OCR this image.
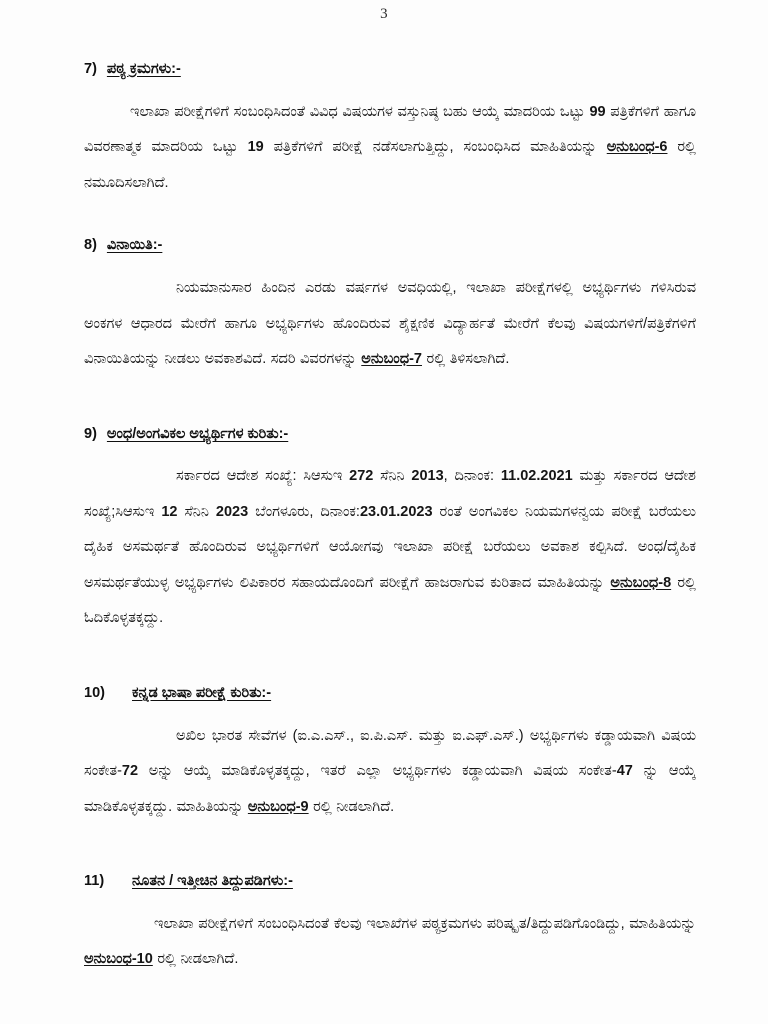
3
7) ಪಠ್ಯ ಕ್ರಮಗಳು:-

ಇಲಾಖಾ ಪರೀಕ್ಷೆಗಳಿಗೆ ಸಂಬಂಧಿಸಿದಂತೆ ವಿವಿಧ ವಿಷಯಗಳ ವಸ್ತುನಿಷ್ಠ ಬಹು ಆಯ್ಕೆ ಮಾದರಿಯ ಒಟ್ಟು 99 ಪತ್ರಿಕೆಗಳಿಗೆ ಹಾಗೂ ವಿವರಣಾತ್ಮಕ ಮಾದರಿಯ ಒಟ್ಟು 19 ಪತ್ರಿಕೆಗಳಿಗೆ ಪರೀಕ್ಷೆ ನಡೆಸಲಾಗುತ್ತಿದ್ದು, ಸಂಬಂಧಿಸಿದ ಮಾಹಿತಿಯನ್ನು ಅನುಬಂಧ-6 ರಲ್ಲಿ ನಮೂದಿಸಲಾಗಿದೆ.

8) ವಿನಾಯಿತಿ:-

ನಿಯಮಾನುಸಾರ ಹಿಂದಿನ ಎರಡು ವರ್ಷಗಳ ಅವಧಿಯಲ್ಲಿ, ಇಲಾಖಾ ಪರೀಕ್ಷೆಗಳಲ್ಲಿ ಅಭ್ಯರ್ಥಿಗಳು ಗಳಿಸಿರುವ ಅಂಕಗಳ ಆಧಾರದ ಮೇರೆಗೆ ಹಾಗೂ ಅಭ್ಯರ್ಥಿಗಳು ಹೊಂದಿರುವ ಶೈಕ್ಷಣಿಕ ವಿದ್ಯಾರ್ಹತೆ ಮೇರೆಗೆ ಕೆಲವು ವಿಷಯಗಳಿಗೆ/ಪತ್ರಿಕೆಗಳಿಗೆ ವಿನಾಯಿತಿಯನ್ನು ನೀಡಲು ಅವಕಾಶವಿದೆ. ಸದರಿ ವಿವರಗಳನ್ನು ಅನುಬಂಧ-7 ರಲ್ಲಿ ತಿಳಿಸಲಾಗಿದೆ.

9) ಅಂಧ/ಅಂಗವಿಕಲ ಅಭ್ಯರ್ಥಿಗಳ ಕುರಿತು:-

ಸರ್ಕಾರದ ಆದೇಶ ಸಂಖ್ಯೆ: ಸಿಆಸುಇ 272 ಸೆನಿನಿ 2013, ದಿನಾಂಕ: 11.02.2021 ಮತ್ತು ಸರ್ಕಾರದ ಆದೇಶ ಸಂಖ್ಯೆ;ಸಿಆಸುಇ 12 ಸೆನಿನಿ 2023 ಬೆಂಗಳೂರು, ದಿನಾಂಕ:23.01.2023 ರಂತೆ ಅಂಗವಿಕಲ ನಿಯಮಗಳನ್ವಯ ಪರೀಕ್ಷೆ ಬರೆಯಲು ದೈಹಿಕ ಅಸಮರ್ಥತೆ ಹೊಂದಿರುವ ಅಭ್ಯರ್ಥಿಗಳಿಗೆ ಆಯೋಗವು ಇಲಾಖಾ ಪರೀಕ್ಷೆ ಬರೆಯಲು ಅವಕಾಶ ಕಲ್ಪಿಸಿದೆ. ಅಂಧ/ದೈಹಿಕ ಅಸಮರ್ಥತೆಯುಳ್ಳ ಅಭ್ಯರ್ಥಿಗಳು ಲಿಪಿಕಾರರ ಸಹಾಯದೊಂದಿಗೆ ಪರೀಕ್ಷೆಗೆ ಹಾಜರಾಗುವ ಕುರಿತಾದ ಮಾಹಿತಿಯನ್ನು ಅನುಬಂಧ-8 ರಲ್ಲಿ ಓದಿಕೊಳ್ಳತಕ್ಕದ್ದು.

10)	ಕನ್ನಡ ಭಾಷಾ ಪರೀಕ್ಷೆ ಕುರಿತು:-

ಅಖಿಲ ಭಾರತ ಸೇವೆಗಳ (ಐ.ಎ.ಎಸ್., ಐ.ಪಿ.ಎಸ್. ಮತ್ತು ಐ.ಎಫ್.ಎಸ್.) ಅಭ್ಯರ್ಥಿಗಳು ಕಡ್ಡಾಯವಾಗಿ ವಿಷಯ ಸಂಕೇತ-72 ಅನ್ನು ಆಯ್ಕೆ ಮಾಡಿಕೊಳ್ಳತಕ್ಕದ್ದು, ಇತರೆ ಎಲ್ಲಾ ಅಭ್ಯರ್ಥಿಗಳು ಕಡ್ಡಾಯವಾಗಿ ವಿಷಯ ಸಂಕೇತ-47 ನ್ನು ಆಯ್ಕೆ ಮಾಡಿಕೊಳ್ಳತಕ್ಕದ್ದು. ಮಾಹಿತಿಯನ್ನು ಅನುಬಂಧ-9 ರಲ್ಲಿ ನೀಡಲಾಗಿದೆ.

11)	ನೂತನ / ಇತ್ತೀಚಿನ ತಿದ್ದುಪಡಿಗಳು:-

ಇಲಾಖಾ ಪರೀಕ್ಷೆಗಳಿಗೆ ಸಂಬಂಧಿಸಿದಂತೆ ಕೆಲವು ಇಲಾಖೆಗಳ ಪಠ್ಯಕ್ರಮಗಳು ಪರಿಷ್ಕೃತ/ತಿದ್ದುಪಡಿಗೊಂಡಿದ್ದು, ಮಾಹಿತಿಯನ್ನು ಅನುಬಂಧ-10 ರಲ್ಲಿ ನೀಡಲಾಗಿದೆ.
